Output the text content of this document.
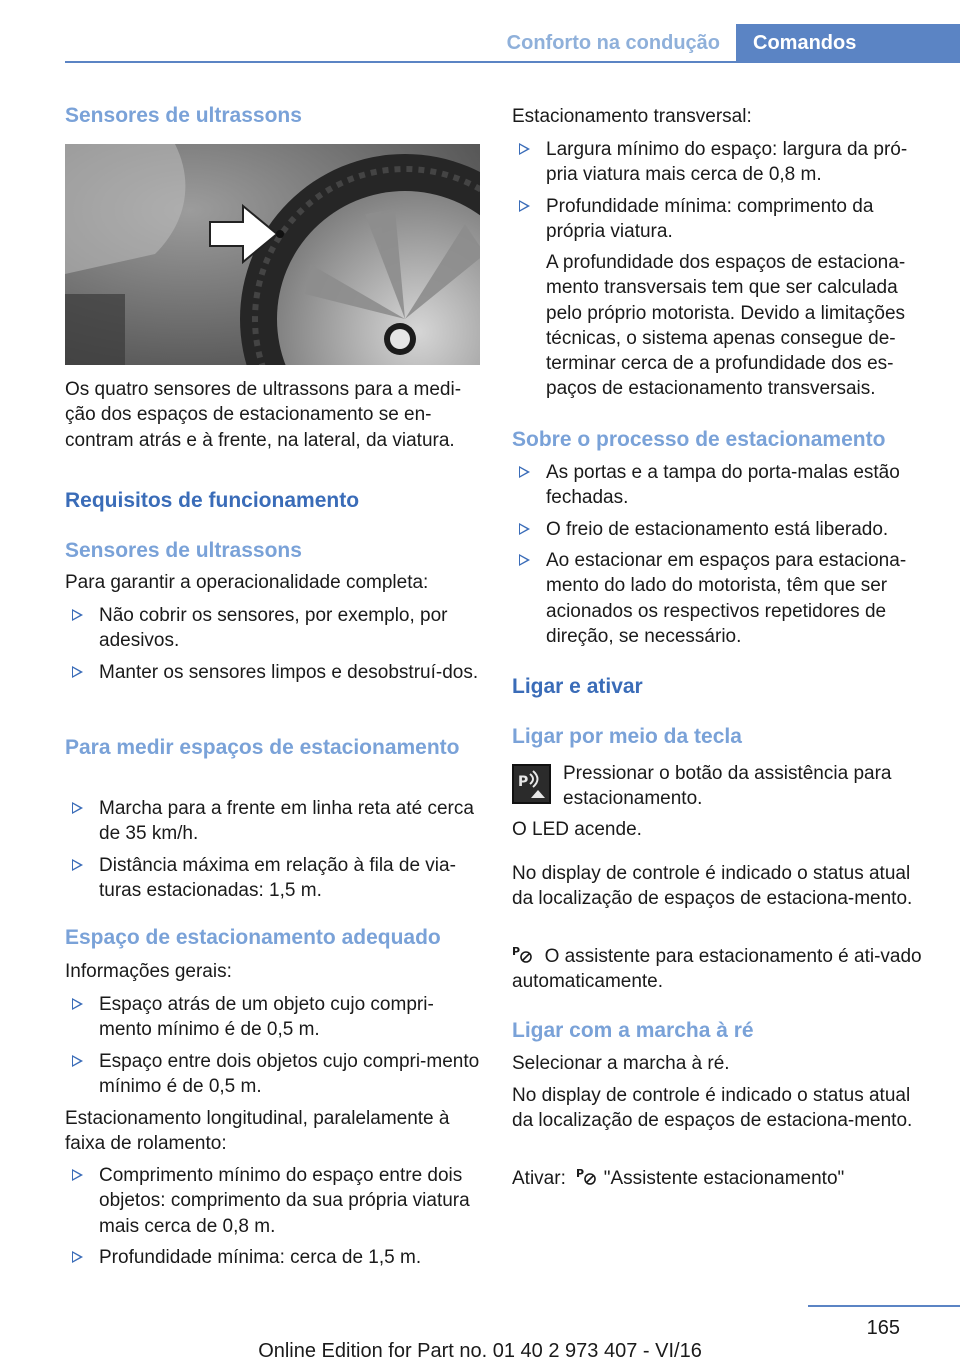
Conforto na condução	Comandos
Sensores de ultrassons

Os quatro sensores de ultrassons para a medi-ção dos espaços de estacionamento se en-contram atrás e à frente, na lateral, da viatura.

Requisitos de funcionamento
Sensores de ultrassons

Para garantir a operacionalidade completa:

Não cobrir os sensores, por exemplo, por adesivos.

Manter os sensores limpos e desobstruí-dos.

Para medir espaços de estacionamento

Marcha para a frente em linha reta até cerca de 35 km/h.

Distância máxima em relação à fila de via-turas estacionadas: 1,5 m.

Espaço de estacionamento adequado

Informações gerais:

Espaço atrás de um objeto cujo compri-mento mínimo é de 0,5 m.

Espaço entre dois objetos cujo compri-mento mínimo é de 0,5 m.

Estacionamento longitudinal, paralelamente à faixa de rolamento:

Comprimento mínimo do espaço entre dois objetos: comprimento da sua própria viatura mais cerca de 0,8 m.

Profundidade mínima: cerca de 1,5 m.

Estacionamento transversal:

Largura mínimo do espaço: largura da pró-pria viatura mais cerca de 0,8 m.

Profundidade mínima: comprimento da própria viatura.

A profundidade dos espaços de estaciona-mento transversais tem que ser calculada pelo próprio motorista. Devido a limitações técnicas, o sistema apenas consegue de-terminar cerca de a profundidade dos es-paços de estacionamento transversais.

Sobre o processo de estacionamento

As portas e a tampa do porta-malas estão fechadas.

O freio de estacionamento está liberado.

Ao estacionar em espaços para estaciona-mento do lado do motorista, têm que ser acionados os respectivos repetidores de direção, se necessário.

Ligar e ativar
Ligar por meio da tecla
P Pressionar o botão da assistência para estacionamento.

O LED acende.

No display de controle é indicado o status atual da localização de espaços de estaciona-mento.

P O assistente para estacionamento é ati-vado automaticamente.

Ligar com a marcha à ré

Selecionar a marcha à ré.

No display de controle é indicado o status atual da localização de espaços de estaciona-mento.

Ativar: P "Assistente estacionamento"

165
Online Edition for Part no. 01 40 2 973 407 - VI/16
